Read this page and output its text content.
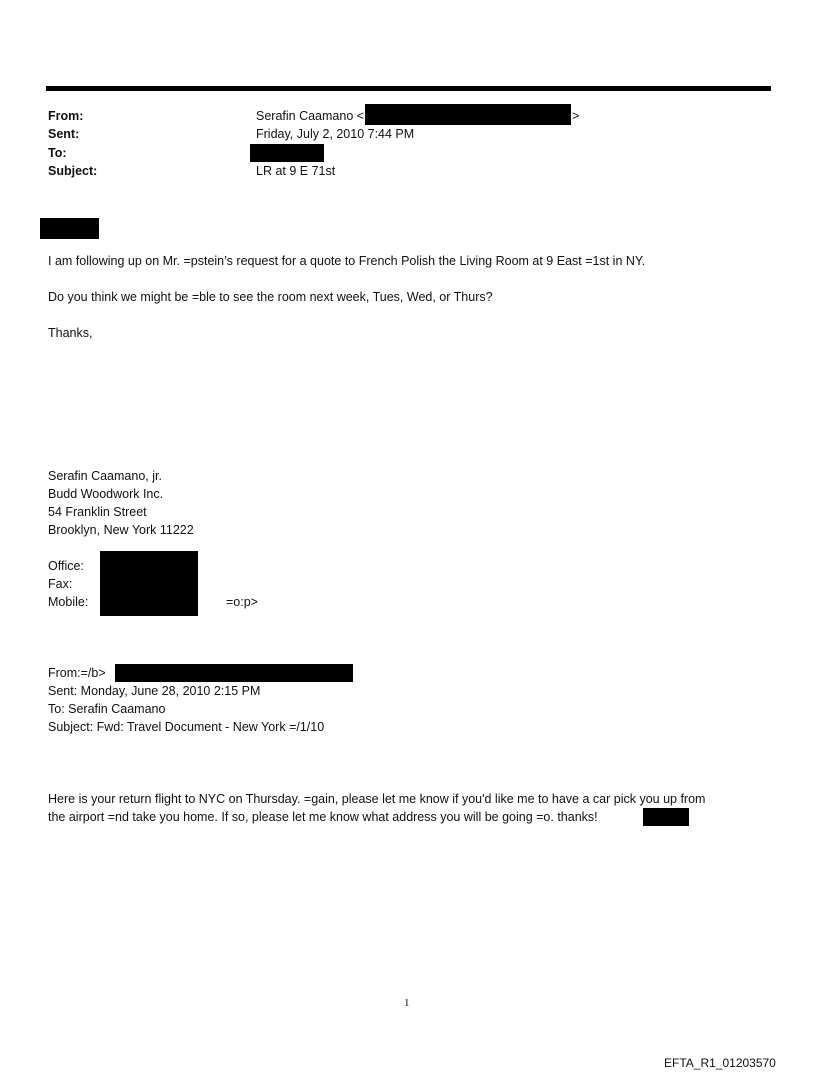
From:
Sent:
To:
Subject:
Serafin Caamano <	>
Friday, July 2, 2010 7:44 PM
LR at 9 E 71st
I am following up on Mr. =pstein’s request for a quote to French Polish the Living Room at 9 East =1st in NY.
Do you think we might be =ble to see the room next week, Tues, Wed, or Thurs?
Thanks,
Serafin Caamano, jr.
Budd Woodwork Inc.
54 Franklin Street
Brooklyn, New York 11222
Office:
Fax:
Mobile:	=o:p>
From:=/b>
Sent: Monday, June 28, 2010 2:15 PM
To: Serafin Caamano
Subject: Fwd: Travel Document - New York =/1/10
Here is your return flight to NYC on Thursday. =gain, please let me know if you'd like me to have a car pick you up from
the airport =nd take you home. If so, please let me know what address you will be going =o. thanks!
1
EFTA_R1_01203570
